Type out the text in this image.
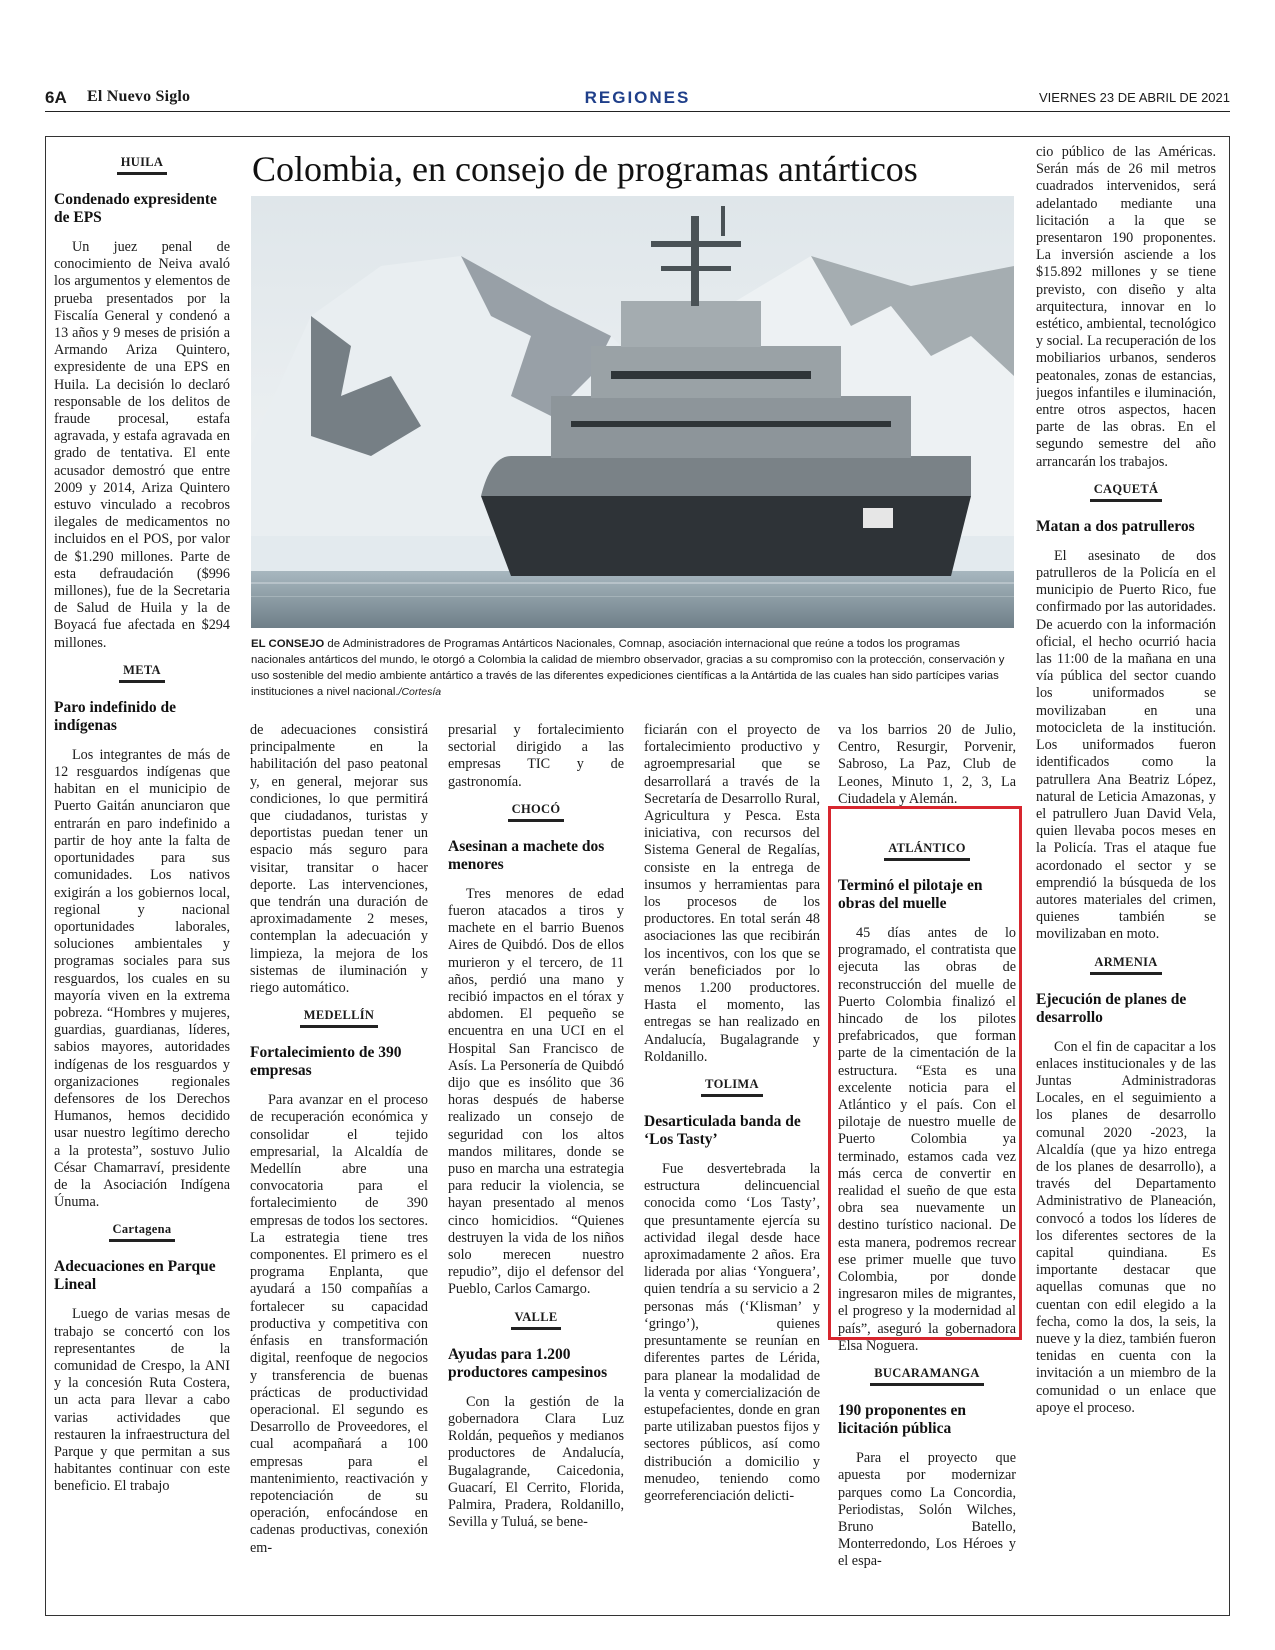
6A El Nuevo Siglo	REGIONES	VIERNES 23 DE ABRIL DE 2021
HUILA
Condenado expresidente de EPS

Un juez penal de conocimiento de Neiva avaló los argumentos y elementos de prueba presentados por la Fiscalía General y condenó a 13 años y 9 meses de prisión a Armando Ariza Quintero, expresidente de una EPS en Huila. La decisión lo declaró responsable de los delitos de fraude procesal, estafa agravada, y estafa agravada en grado de tentativa. El ente acusador demostró que entre 2009 y 2014, Ariza Quintero estuvo vinculado a recobros ilegales de medicamentos no incluidos en el POS, por valor de $1.290 millones. Parte de esta defraudación ($996 millones), fue de la Secretaria de Salud de Huila y la de Boyacá fue afectada en $294 millones.

META
Paro indefinido de indígenas

Los integrantes de más de 12 resguardos indígenas que habitan en el municipio de Puerto Gaitán anunciaron que entrarán en paro indefinido a partir de hoy ante la falta de oportunidades para sus comunidades. Los nativos exigirán a los gobiernos local, regional y nacional oportunidades laborales, soluciones ambientales y programas sociales para sus resguardos, los cuales en su mayoría viven en la extrema pobreza. “Hombres y mujeres, guardias, guardianas, líderes, sabios mayores, autoridades indígenas de los resguardos y organizaciones regionales defensores de los Derechos Humanos, hemos decidido usar nuestro legítimo derecho a la protesta”, sostuvo Julio César Chamarraví, presidente de la Asociación Indígena Únuma.

Cartagena
Adecuaciones en Parque Lineal

Luego de varias mesas de trabajo se concertó con los representantes de la comunidad de Crespo, la ANI y la concesión Ruta Costera, un acta para llevar a cabo varias actividades que restauren la infraestructura del Parque y que permitan a sus habitantes continuar con este beneficio. El trabajo

Colombia, en consejo de programas antárticos
EL CONSEJO de Administradores de Programas Antárticos Nacionales, Comnap, asociación internacional que reúne a todos los programas nacionales antárticos del mundo, le otorgó a Colombia la calidad de miembro observador, gracias a su compromiso con la protección, conservación y uso sostenible del medio ambiente antártico a través de las diferentes expediciones científicas a la Antártida de las cuales han sido partícipes varias instituciones a nivel nacional./Cortesía

de adecuaciones consistirá principalmente en la habilitación del paso peatonal y, en general, mejorar sus condiciones, lo que permitirá que ciudadanos, turistas y deportistas puedan tener un espacio más seguro para visitar, transitar o hacer deporte. Las intervenciones, que tendrán una duración de aproximadamente 2 meses, contemplan la adecuación y limpieza, la mejora de los sistemas de iluminación y riego automático.

MEDELLÍN
Fortalecimiento de 390 empresas

Para avanzar en el proceso de recuperación económica y consolidar el tejido empresarial, la Alcaldía de Medellín abre una convocatoria para el fortalecimiento de 390 empresas de todos los sectores. La estrategia tiene tres componentes. El primero es el programa Enplanta, que ayudará a 150 compañías a fortalecer su capacidad productiva y competitiva con énfasis en transformación digital, reenfoque de negocios y transferencia de buenas prácticas de productividad operacional. El segundo es Desarrollo de Proveedores, el cual acompañará a 100 empresas para el mantenimiento, reactivación y repotenciación de su operación, enfocándose en cadenas productivas, conexión em-

presarial y fortalecimiento sectorial dirigido a las empresas TIC y de gastronomía.

CHOCÓ
Asesinan a machete dos menores

Tres menores de edad fueron atacados a tiros y machete en el barrio Buenos Aires de Quibdó. Dos de ellos murieron y el tercero, de 11 años, perdió una mano y recibió impactos en el tórax y abdomen. El pequeño se encuentra en una UCI en el Hospital San Francisco de Asís. La Personería de Quibdó dijo que es insólito que 36 horas después de haberse realizado un consejo de seguridad con los altos mandos militares, donde se puso en marcha una estrategia para reducir la violencia, se hayan presentado al menos cinco homicidios. “Quienes destruyen la vida de los niños solo merecen nuestro repudio”, dijo el defensor del Pueblo, Carlos Camargo.

VALLE
Ayudas para 1.200 productores campesinos

Con la gestión de la gobernadora Clara Luz Roldán, pequeños y medianos productores de Andalucía, Bugalagrande, Caicedonia, Guacarí, El Cerrito, Florida, Palmira, Pradera, Roldanillo, Sevilla y Tuluá, se bene-

ficiarán con el proyecto de fortalecimiento productivo y agroempresarial que se desarrollará a través de la Secretaría de Desarrollo Rural, Agricultura y Pesca. Esta iniciativa, con recursos del Sistema General de Regalías, consiste en la entrega de insumos y herramientas para los procesos de los productores. En total serán 48 asociaciones las que recibirán los incentivos, con los que se verán beneficiados por lo menos 1.200 productores. Hasta el momento, las entregas se han realizado en Andalucía, Bugalagrande y Roldanillo.

TOLIMA
Desarticulada banda de ‘Los Tasty’

Fue desvertebrada la estructura delincuencial conocida como ‘Los Tasty’, que presuntamente ejercía su actividad ilegal desde hace aproximadamente 2 años. Era liderada por alias ‘Yonguera’, quien tendría a su servicio a 2 personas más (‘Klisman’ y ‘gringo’), quienes presuntamente se reunían en diferentes partes de Lérida, para planear la modalidad de la venta y comercialización de estupefacientes, donde en gran parte utilizaban puestos fijos y sectores públicos, así como distribución a domicilio y menudeo, teniendo como georreferenciación delicti-

va los barrios 20 de Julio, Centro, Resurgir, Porvenir, Sabroso, La Paz, Club de Leones, Minuto 1, 2, 3, La Ciudadela y Alemán.

ATLÁNTICO
Terminó el pilotaje en obras del muelle

45 días antes de lo programado, el contratista que ejecuta las obras de reconstrucción del muelle de Puerto Colombia finalizó el hincado de los pilotes prefabricados, que forman parte de la cimentación de la estructura. “Esta es una excelente noticia para el Atlántico y el país. Con el pilotaje de nuestro muelle de Puerto Colombia ya terminado, estamos cada vez más cerca de convertir en realidad el sueño de que esta obra sea nuevamente un destino turístico nacional. De esta manera, podremos recrear ese primer muelle que tuvo Colombia, por donde ingresaron miles de migrantes, el progreso y la modernidad al país”, aseguró la gobernadora Elsa Noguera.

BUCARAMANGA
190 proponentes en licitación pública

Para el proyecto que apuesta por modernizar parques como La Concordia, Periodistas, Solón Wilches, Bruno Batello, Monterredondo, Los Héroes y el espa-

cio público de las Américas. Serán más de 26 mil metros cuadrados intervenidos, será adelantado mediante una licitación a la que se presentaron 190 proponentes. La inversión asciende a los $15.892 millones y se tiene previsto, con diseño y alta arquitectura, innovar en lo estético, ambiental, tecnológico y social. La recuperación de los mobiliarios urbanos, senderos peatonales, zonas de estancias, juegos infantiles e iluminación, entre otros aspectos, hacen parte de las obras. En el segundo semestre del año arrancarán los trabajos.

CAQUETÁ
Matan a dos patrulleros

El asesinato de dos patrulleros de la Policía en el municipio de Puerto Rico, fue confirmado por las autoridades. De acuerdo con la información oficial, el hecho ocurrió hacia las 11:00 de la mañana en una vía pública del sector cuando los uniformados se movilizaban en una motocicleta de la institución. Los uniformados fueron identificados como la patrullera Ana Beatriz López, natural de Leticia Amazonas, y el patrullero Juan David Vela, quien llevaba pocos meses en la Policía. Tras el ataque fue acordonado el sector y se emprendió la búsqueda de los autores materiales del crimen, quienes también se movilizaban en moto.

ARMENIA
Ejecución de planes de desarrollo

Con el fin de capacitar a los enlaces institucionales y de las Juntas Administradoras Locales, en el seguimiento a los planes de desarrollo comunal 2020 -2023, la Alcaldía (que ya hizo entrega de los planes de desarrollo), a través del Departamento Administrativo de Planeación, convocó a todos los líderes de los diferentes sectores de la capital quindiana. Es importante destacar que aquellas comunas que no cuentan con edil elegido a la fecha, como la dos, la seis, la nueve y la diez, también fueron tenidas en cuenta con la invitación a un miembro de la comunidad o un enlace que apoye el proceso.
